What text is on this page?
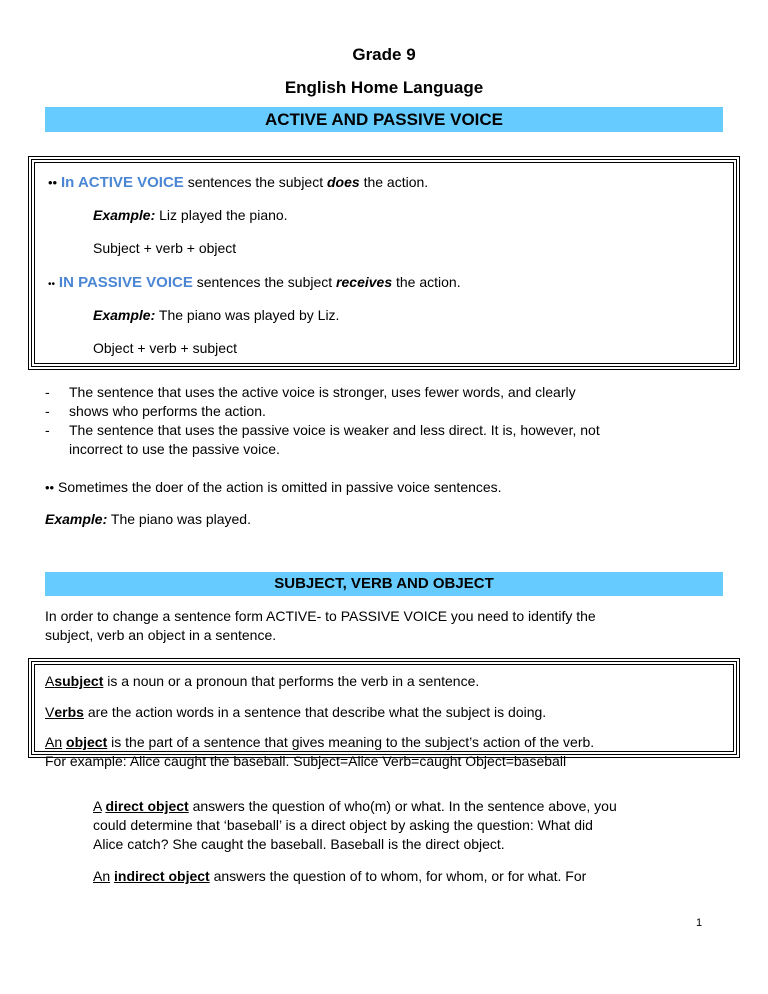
Grade 9
English Home Language
ACTIVE AND PASSIVE VOICE
•• In ACTIVE VOICE sentences the subject does the action.
Example: Liz played the piano.
Subject + verb + object
•• IN PASSIVE VOICE sentences the subject receives the action.
Example: The piano was played by Liz.
Object + verb + subject
- The sentence that uses the active voice is stronger, uses fewer words, and clearly
- shows who performs the action.
- The sentence that uses the passive voice is weaker and less direct. It is, however, not
incorrect to use the passive voice.
•• Sometimes the doer of the action is omitted in passive voice sentences.
Example: The piano was played.
SUBJECT, VERB AND OBJECT
In order to change a sentence form ACTIVE- to PASSIVE VOICE you need to identify the
subject, verb an object in a sentence.
Asubject is a noun or a pronoun that performs the verb in a sentence.
Verbs are the action words in a sentence that describe what the subject is doing.
An object is the part of a sentence that gives meaning to the subject’s action of the verb.
For example: Alice caught the baseball. Subject=Alice Verb=caught Object=baseball
A direct object answers the question of who(m) or what. In the sentence above, you
could determine that ‘baseball’ is a direct object by asking the question: What did
Alice catch? She caught the baseball. Baseball is the direct object.
An indirect object answers the question of to whom, for whom, or for what. For
1
